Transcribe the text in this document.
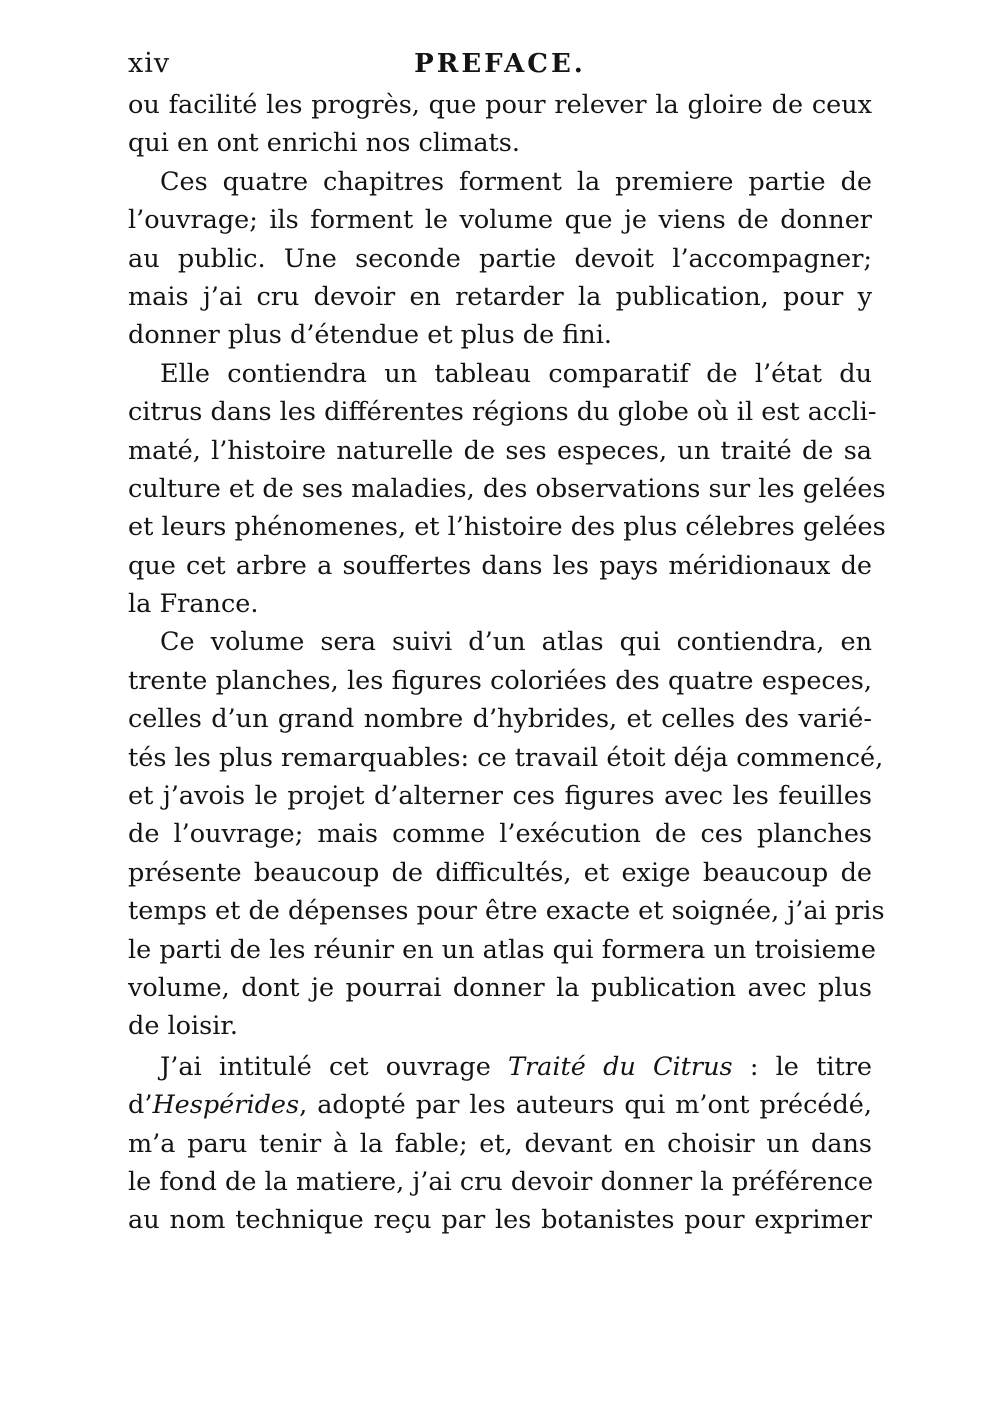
xiv	PREFACE.
ou facilité les progrès, que pour relever la gloire de ceux
qui en ont enrichi nos climats.
Ces quatre chapitres forment la premiere partie de
l’ouvrage; ils forment le volume que je viens de donner
au public. Une seconde partie devoit l’accompagner;
mais j’ai cru devoir en retarder la publication, pour y
donner plus d’étendue et plus de fini.
Elle contiendra un tableau comparatif de l’état du
citrus dans les différentes régions du globe où il est accli-
maté, l’histoire naturelle de ses especes, un traité de sa
culture et de ses maladies, des observations sur les gelées
et leurs phénomenes, et l’histoire des plus célebres gelées
que cet arbre a souffertes dans les pays méridionaux de
la France.
Ce volume sera suivi d’un atlas qui contiendra, en
trente planches, les figures coloriées des quatre especes,
celles d’un grand nombre d’hybrides, et celles des varié-
tés les plus remarquables: ce travail étoit déja commencé,
et j’avois le projet d’alterner ces figures avec les feuilles
de l’ouvrage; mais comme l’exécution de ces planches
présente beaucoup de difficultés, et exige beaucoup de
temps et de dépenses pour être exacte et soignée, j’ai pris
le parti de les réunir en un atlas qui formera un troisieme
volume, dont je pourrai donner la publication avec plus
de loisir.
J’ai intitulé cet ouvrage Traité du Citrus : le titre
d’Hespérides, adopté par les auteurs qui m’ont précédé,
m’a paru tenir à la fable; et, devant en choisir un dans
le fond de la matiere, j’ai cru devoir donner la préférence
au nom technique reçu par les botanistes pour exprimer
